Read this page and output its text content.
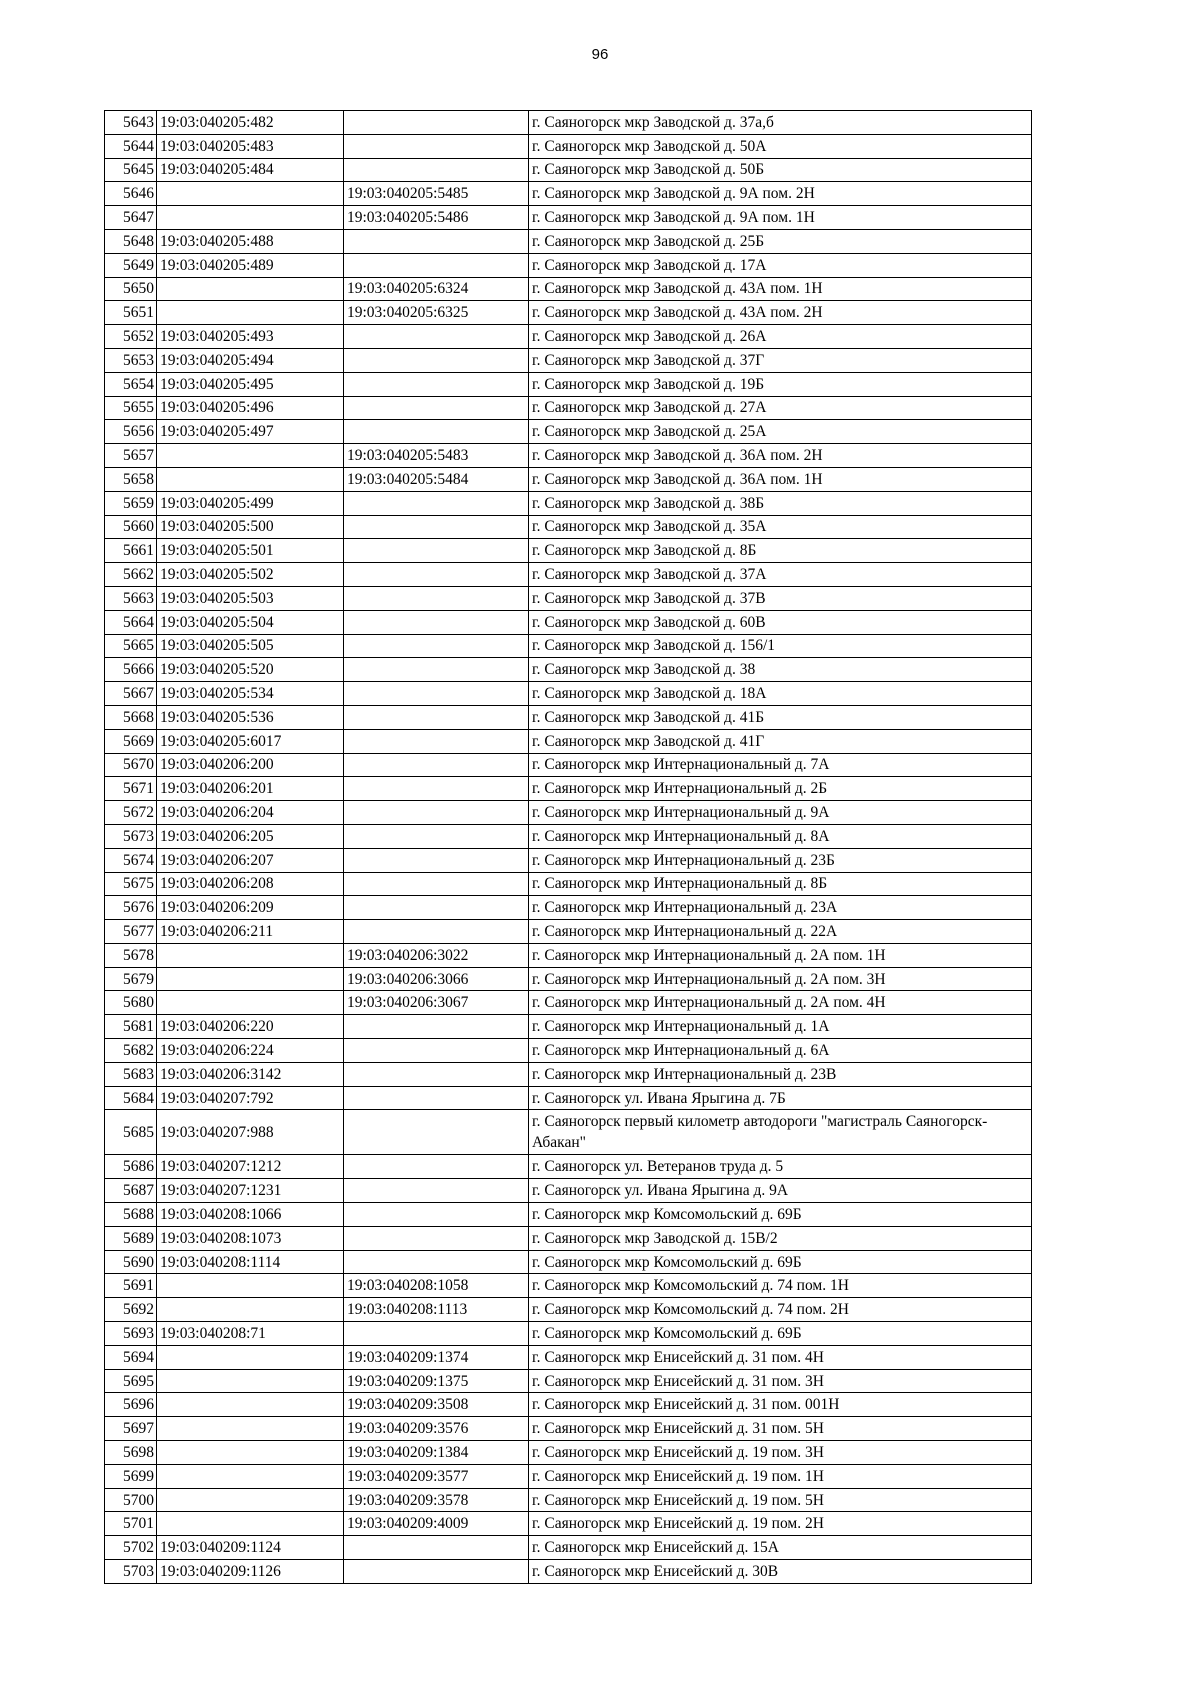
96
5643	19:03:040205:482		г. Саяногорск мкр Заводской д. 37а,б
5644	19:03:040205:483		г. Саяногорск мкр Заводской д. 50А
5645	19:03:040205:484		г. Саяногорск мкр Заводской д. 50Б
5646		19:03:040205:5485	г. Саяногорск мкр Заводской д. 9А пом. 2Н
5647		19:03:040205:5486	г. Саяногорск мкр Заводской д. 9А пом. 1Н
5648	19:03:040205:488		г. Саяногорск мкр Заводской д. 25Б
5649	19:03:040205:489		г. Саяногорск мкр Заводской д. 17А
5650		19:03:040205:6324	г. Саяногорск мкр Заводской д. 43А пом. 1Н
5651		19:03:040205:6325	г. Саяногорск мкр Заводской д. 43А пом. 2Н
5652	19:03:040205:493		г. Саяногорск мкр Заводской д. 26А
5653	19:03:040205:494		г. Саяногорск мкр Заводской д. 37Г
5654	19:03:040205:495		г. Саяногорск мкр Заводской д. 19Б
5655	19:03:040205:496		г. Саяногорск мкр Заводской д. 27А
5656	19:03:040205:497		г. Саяногорск мкр Заводской д. 25А
5657		19:03:040205:5483	г. Саяногорск мкр Заводской д. 36А пом. 2Н
5658		19:03:040205:5484	г. Саяногорск мкр Заводской д. 36А пом. 1Н
5659	19:03:040205:499		г. Саяногорск мкр Заводской д. 38Б
5660	19:03:040205:500		г. Саяногорск мкр Заводской д. 35А
5661	19:03:040205:501		г. Саяногорск мкр Заводской д. 8Б
5662	19:03:040205:502		г. Саяногорск мкр Заводской д. 37А
5663	19:03:040205:503		г. Саяногорск мкр Заводской д. 37В
5664	19:03:040205:504		г. Саяногорск мкр Заводской д. 60В
5665	19:03:040205:505		г. Саяногорск мкр Заводской д. 156/1
5666	19:03:040205:520		г. Саяногорск мкр Заводской д. 38
5667	19:03:040205:534		г. Саяногорск мкр Заводской д. 18А
5668	19:03:040205:536		г. Саяногорск мкр Заводской д. 41Б
5669	19:03:040205:6017		г. Саяногорск мкр Заводской д. 41Г
5670	19:03:040206:200		г. Саяногорск мкр Интернациональный д. 7А
5671	19:03:040206:201		г. Саяногорск мкр Интернациональный д. 2Б
5672	19:03:040206:204		г. Саяногорск мкр Интернациональный д. 9А
5673	19:03:040206:205		г. Саяногорск мкр Интернациональный д. 8А
5674	19:03:040206:207		г. Саяногорск мкр Интернациональный д. 23Б
5675	19:03:040206:208		г. Саяногорск мкр Интернациональный д. 8Б
5676	19:03:040206:209		г. Саяногорск мкр Интернациональный д. 23А
5677	19:03:040206:211		г. Саяногорск мкр Интернациональный д. 22А
5678		19:03:040206:3022	г. Саяногорск мкр Интернациональный д. 2А пом. 1Н
5679		19:03:040206:3066	г. Саяногорск мкр Интернациональный д. 2А пом. 3Н
5680		19:03:040206:3067	г. Саяногорск мкр Интернациональный д. 2А пом. 4Н
5681	19:03:040206:220		г. Саяногорск мкр Интернациональный д. 1А
5682	19:03:040206:224		г. Саяногорск мкр Интернациональный д. 6А
5683	19:03:040206:3142		г. Саяногорск мкр Интернациональный д. 23В
5684	19:03:040207:792		г. Саяногорск ул. Ивана Ярыгина д. 7Б
5685	19:03:040207:988		г. Саяногорск первый километр автодороги "магистраль Саяногорск-Абакан"
5686	19:03:040207:1212		г. Саяногорск ул. Ветеранов труда д. 5
5687	19:03:040207:1231		г. Саяногорск ул. Ивана Ярыгина д. 9А
5688	19:03:040208:1066		г. Саяногорск мкр Комсомольский д. 69Б
5689	19:03:040208:1073		г. Саяногорск мкр Заводской д. 15В/2
5690	19:03:040208:1114		г. Саяногорск мкр Комсомольский д. 69Б
5691		19:03:040208:1058	г. Саяногорск мкр Комсомольский д. 74 пом. 1Н
5692		19:03:040208:1113	г. Саяногорск мкр Комсомольский д. 74 пом. 2Н
5693	19:03:040208:71		г. Саяногорск мкр Комсомольский д. 69Б
5694		19:03:040209:1374	г. Саяногорск мкр Енисейский д. 31 пом. 4Н
5695		19:03:040209:1375	г. Саяногорск мкр Енисейский д. 31 пом. 3Н
5696		19:03:040209:3508	г. Саяногорск мкр Енисейский д. 31 пом. 001Н
5697		19:03:040209:3576	г. Саяногорск мкр Енисейский д. 31 пом. 5Н
5698		19:03:040209:1384	г. Саяногорск мкр Енисейский д. 19 пом. 3Н
5699		19:03:040209:3577	г. Саяногорск мкр Енисейский д. 19 пом. 1Н
5700		19:03:040209:3578	г. Саяногорск мкр Енисейский д. 19 пом. 5Н
5701		19:03:040209:4009	г. Саяногорск мкр Енисейский д. 19 пом. 2Н
5702	19:03:040209:1124		г. Саяногорск мкр Енисейский д. 15А
5703	19:03:040209:1126		г. Саяногорск мкр Енисейский д. 30В
